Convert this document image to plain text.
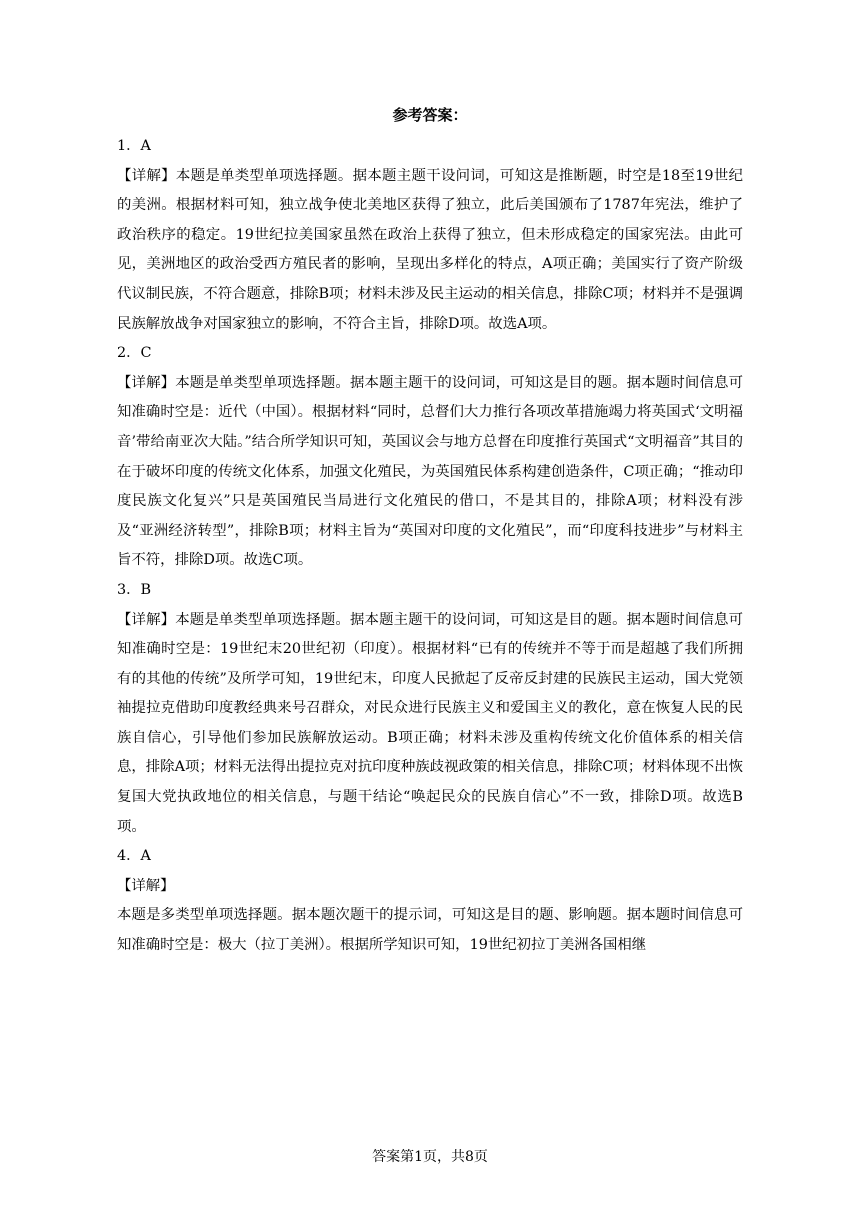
参考答案：

1．A

【详解】本题是单类型单项选择题。据本题主题干设问词，可知这是推断题，时空是18至19世纪的美洲。根据材料可知，独立战争使北美地区获得了独立，此后美国颁布了1787年宪法，维护了政治秩序的稳定。19世纪拉美国家虽然在政治上获得了独立，但未形成稳定的国家宪法。由此可见，美洲地区的政治受西方殖民者的影响，呈现出多样化的特点，A项正确；美国实行了资产阶级代议制民族，不符合题意，排除B项；材料未涉及民主运动的相关信息，排除C项；材料并不是强调民族解放战争对国家独立的影响，不符合主旨，排除D项。故选A项。

2．C

【详解】本题是单类型单项选择题。据本题主题干的设问词，可知这是目的题。据本题时间信息可知准确时空是：近代（中国）。根据材料“同时，总督们大力推行各项改革措施竭力将英国式‘文明福音’带给南亚次大陆。”结合所学知识可知，英国议会与地方总督在印度推行英国式“文明福音”其目的在于破坏印度的传统文化体系，加强文化殖民，为英国殖民体系构建创造条件，C项正确；“推动印度民族文化复兴”只是英国殖民当局进行文化殖民的借口，不是其目的，排除A项；材料没有涉及“亚洲经济转型”，排除B项；材料主旨为“英国对印度的文化殖民”，而“印度科技进步”与材料主旨不符，排除D项。故选C项。

3．B

【详解】本题是单类型单项选择题。据本题主题干的设问词，可知这是目的题。据本题时间信息可知准确时空是：19世纪末20世纪初（印度）。根据材料“已有的传统并不等于而是超越了我们所拥有的其他的传统”及所学可知，19世纪末，印度人民掀起了反帝反封建的民族民主运动，国大党领袖提拉克借助印度教经典来号召群众，对民众进行民族主义和爱国主义的教化，意在恢复人民的民族自信心，引导他们参加民族解放运动。B项正确；材料未涉及重构传统文化价值体系的相关信息，排除A项；材料无法得出提拉克对抗印度种族歧视政策的相关信息，排除C项；材料体现不出恢复国大党执政地位的相关信息，与题干结论“唤起民众的民族自信心”不一致，排除D项。故选B项。

4．A

【详解】

本题是多类型单项选择题。据本题次题干的提示词，可知这是目的题、影响题。据本题时间信息可知准确时空是：极大（拉丁美洲）。根据所学知识可知，19世纪初拉丁美洲各国相继

答案第1页，共8页
